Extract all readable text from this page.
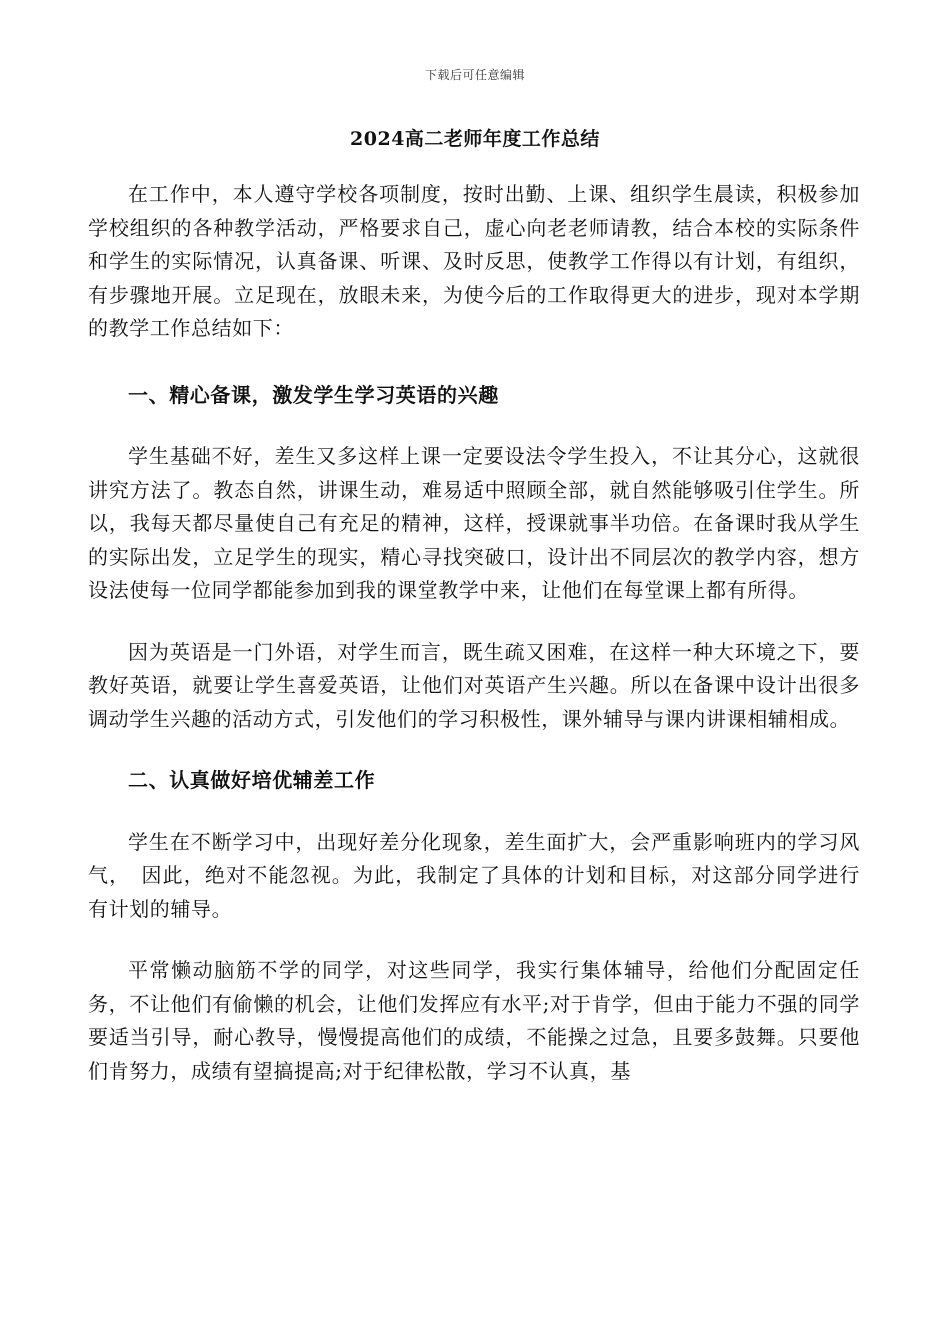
下载后可任意编辑
2024高二老师年度工作总结

在工作中，本人遵守学校各项制度，按时出勤、上课、组织学生晨读，积极参加学校组织的各种教学活动，严格要求自己，虚心向老老师请教，结合本校的实际条件和学生的实际情况，认真备课、听课、及时反思，使教学工作得以有计划，有组织，有步骤地开展。立足现在，放眼未来，为使今后的工作取得更大的进步，现对本学期的教学工作总结如下：

一、精心备课，激发学生学习英语的兴趣

学生基础不好，差生又多这样上课一定要设法令学生投入，不让其分心，这就很讲究方法了。教态自然，讲课生动，难易适中照顾全部，就自然能够吸引住学生。所以，我每天都尽量使自己有充足的精神，这样，授课就事半功倍。在备课时我从学生的实际出发，立足学生的现实，精心寻找突破口，设计出不同层次的教学内容，想方设法使每一位同学都能参加到我的课堂教学中来，让他们在每堂课上都有所得。

因为英语是一门外语，对学生而言，既生疏又困难，在这样一种大环境之下，要教好英语，就要让学生喜爱英语，让他们对英语产生兴趣。所以在备课中设计出很多调动学生兴趣的活动方式，引发他们的学习积极性，课外辅导与课内讲课相辅相成。

二、认真做好培优辅差工作

学生在不断学习中，出现好差分化现象，差生面扩大，会严重影响班内的学习风气，　因此，绝对不能忽视。为此，我制定了具体的计划和目标，对这部分同学进行有计划的辅导。

平常懒动脑筋不学的同学，对这些同学，我实行集体辅导，给他们分配固定任务，不让他们有偷懒的机会，让他们发挥应有水平;对于肯学，但由于能力不强的同学要适当引导，耐心教导，慢慢提高他们的成绩，不能操之过急，且要多鼓舞。只要他们肯努力，成绩有望搞提高;对于纪律松散，学习不认真，基
